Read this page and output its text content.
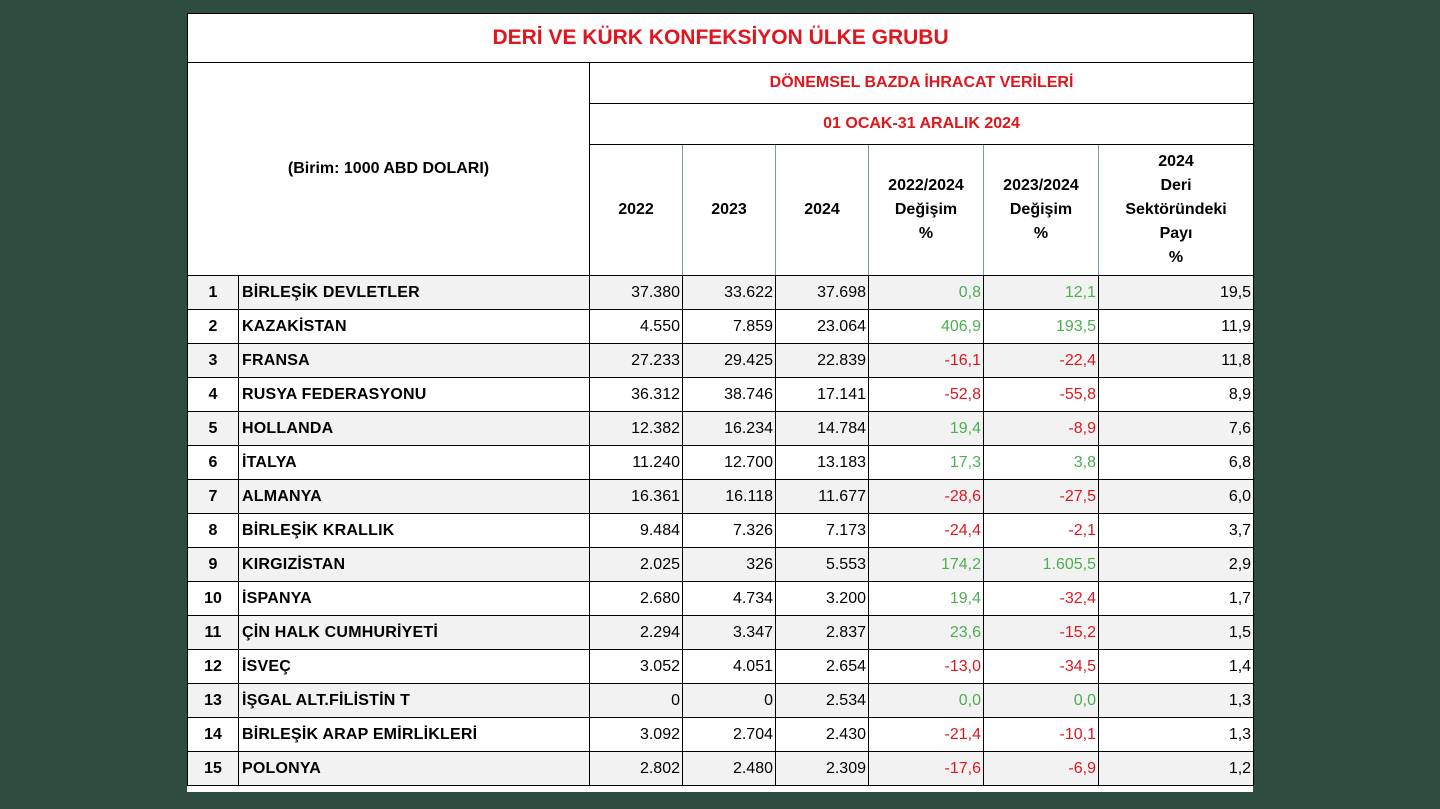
DERİ VE KÜRK KONFEKSİYON ÜLKE GRUBU							
(Birim: 1000 ABD DOLARI)		DÖNEMSEL BAZDA İHRACAT VERİLERİ					
		01 OCAK-31 ARALIK 2024					
		2022	2023	2024	2022/2024
Değişim
%	2023/2024
Değişim
%	2024
Deri
Sektöründeki
Payı
%
1	BİRLEŞİK DEVLETLER	37.380	33.622	37.698	0,8	12,1	19,5
2	KAZAKİSTAN	4.550	7.859	23.064	406,9	193,5	11,9
3	FRANSA	27.233	29.425	22.839	-16,1	-22,4	11,8
4	RUSYA FEDERASYONU	36.312	38.746	17.141	-52,8	-55,8	8,9
5	HOLLANDA	12.382	16.234	14.784	19,4	-8,9	7,6
6	İTALYA	11.240	12.700	13.183	17,3	3,8	6,8
7	ALMANYA	16.361	16.118	11.677	-28,6	-27,5	6,0
8	BİRLEŞİK KRALLIK	9.484	7.326	7.173	-24,4	-2,1	3,7
9	KIRGIZİSTAN	2.025	326	5.553	174,2	1.605,5	2,9
10	İSPANYA	2.680	4.734	3.200	19,4	-32,4	1,7
11	ÇİN HALK CUMHURİYETİ	2.294	3.347	2.837	23,6	-15,2	1,5
12	İSVEÇ	3.052	4.051	2.654	-13,0	-34,5	1,4
13	İŞGAL ALT.FİLİSTİN T	0	0	2.534	0,0	0,0	1,3
14	BİRLEŞİK ARAP EMİRLİKLERİ	3.092	2.704	2.430	-21,4	-10,1	1,3
15	POLONYA	2.802	2.480	2.309	-17,6	-6,9	1,2
